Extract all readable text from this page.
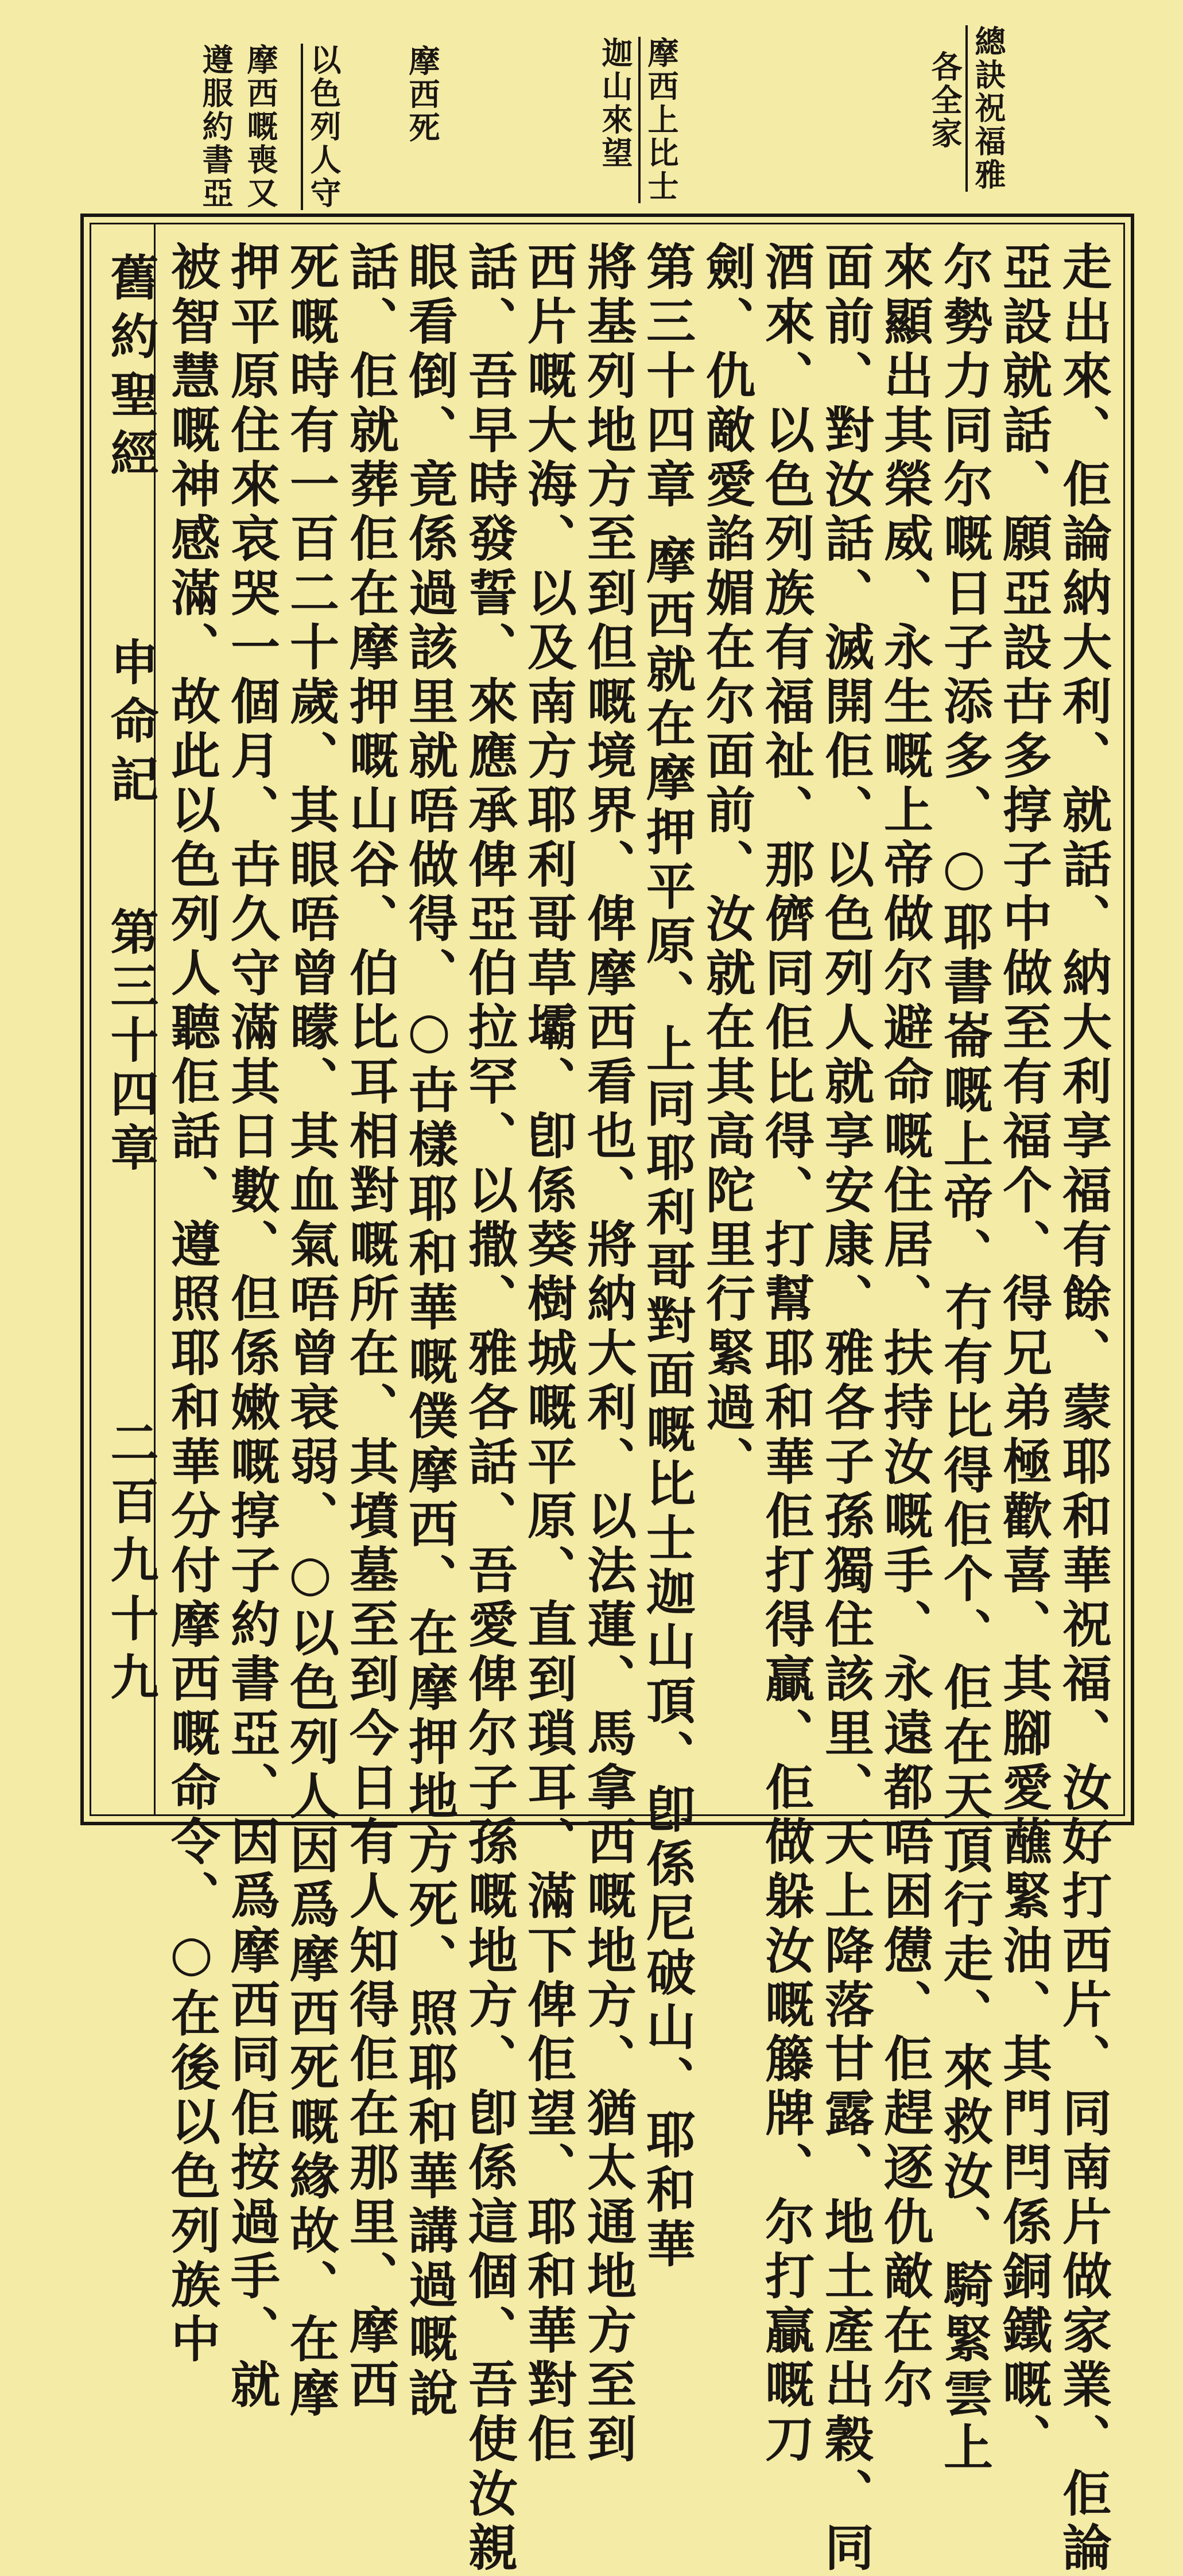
總訣祝福雅
各全家
摩西上比士
迦山來望
摩西死
以色列人守
摩西嘅喪又
遵服約書亞
舊約聖經
申命記
第三十四章
二百九十九	走出來、佢論納大利、就話、納大利享福有餘、蒙耶和華祝福、汝好打西片、同南片做家業、佢論
亞設就話、願亞設卋多㨃子中做至有福个、得兄弟極歡喜、其腳愛蘸緊油、其門閂係銅鐵嘅、
尔勢力同尔嘅日子添多、○耶書崙嘅上帝、冇有比得佢个、佢在天頂行走、來救汝、騎緊雲上
來顯出其榮威、永生嘅上帝做尔避命嘅住居、扶持汝嘅手、永遠都唔困憊、佢趕逐仇敵在尔
面前、對汝話、滅開佢、以色列人就享安康、雅各子孫獨住該里、天上降落甘露、地土產出穀、同
酒來、以色列族有福祉、那儕同佢比得、打幫耶和華佢打得贏、佢做躲汝嘅籐牌、尔打贏嘅刀
劍、仇敵愛諂媚在尔面前、汝就在其高陀里行緊過、
第三十四章 摩西就在摩押平原、上同耶利哥對面嘅比士迦山頂、卽係尼破山、耶和華
將基列地方至到但嘅境界、俾摩西看也、將納大利、以法蓮、馬拿西嘅地方、猶太通地方至到
西片嘅大海、以及南方耶利哥草壩、卽係葵樹城嘅平原、直到瑣耳、滿下俾佢望、耶和華對佢
話、吾早時發誓、來應承俾亞伯拉罕、以撒、雅各話、吾愛俾尔子孫嘅地方、卽係這個、吾使汝親
眼看倒、竟係過該里就唔做得、○卋樣耶和華嘅僕摩西、在摩押地方死、照耶和華講過嘅說
話、佢就葬佢在摩押嘅山谷、伯比耳相對嘅所在、其墳墓至到今日有人知得佢在那里、摩西
死嘅時有一百二十歲、其眼唔曾矇、其血氣唔曾衰弱、○以色列人因爲摩西死嘅緣故、在摩
押平原住來哀哭一個月、卋久守滿其日數、但係嫩嘅㨃子約書亞、因爲摩西同佢按過手、就
被智慧嘅神感滿、故此以色列人聽佢話、遵照耶和華分付摩西嘅命令、○在後以色列族中
